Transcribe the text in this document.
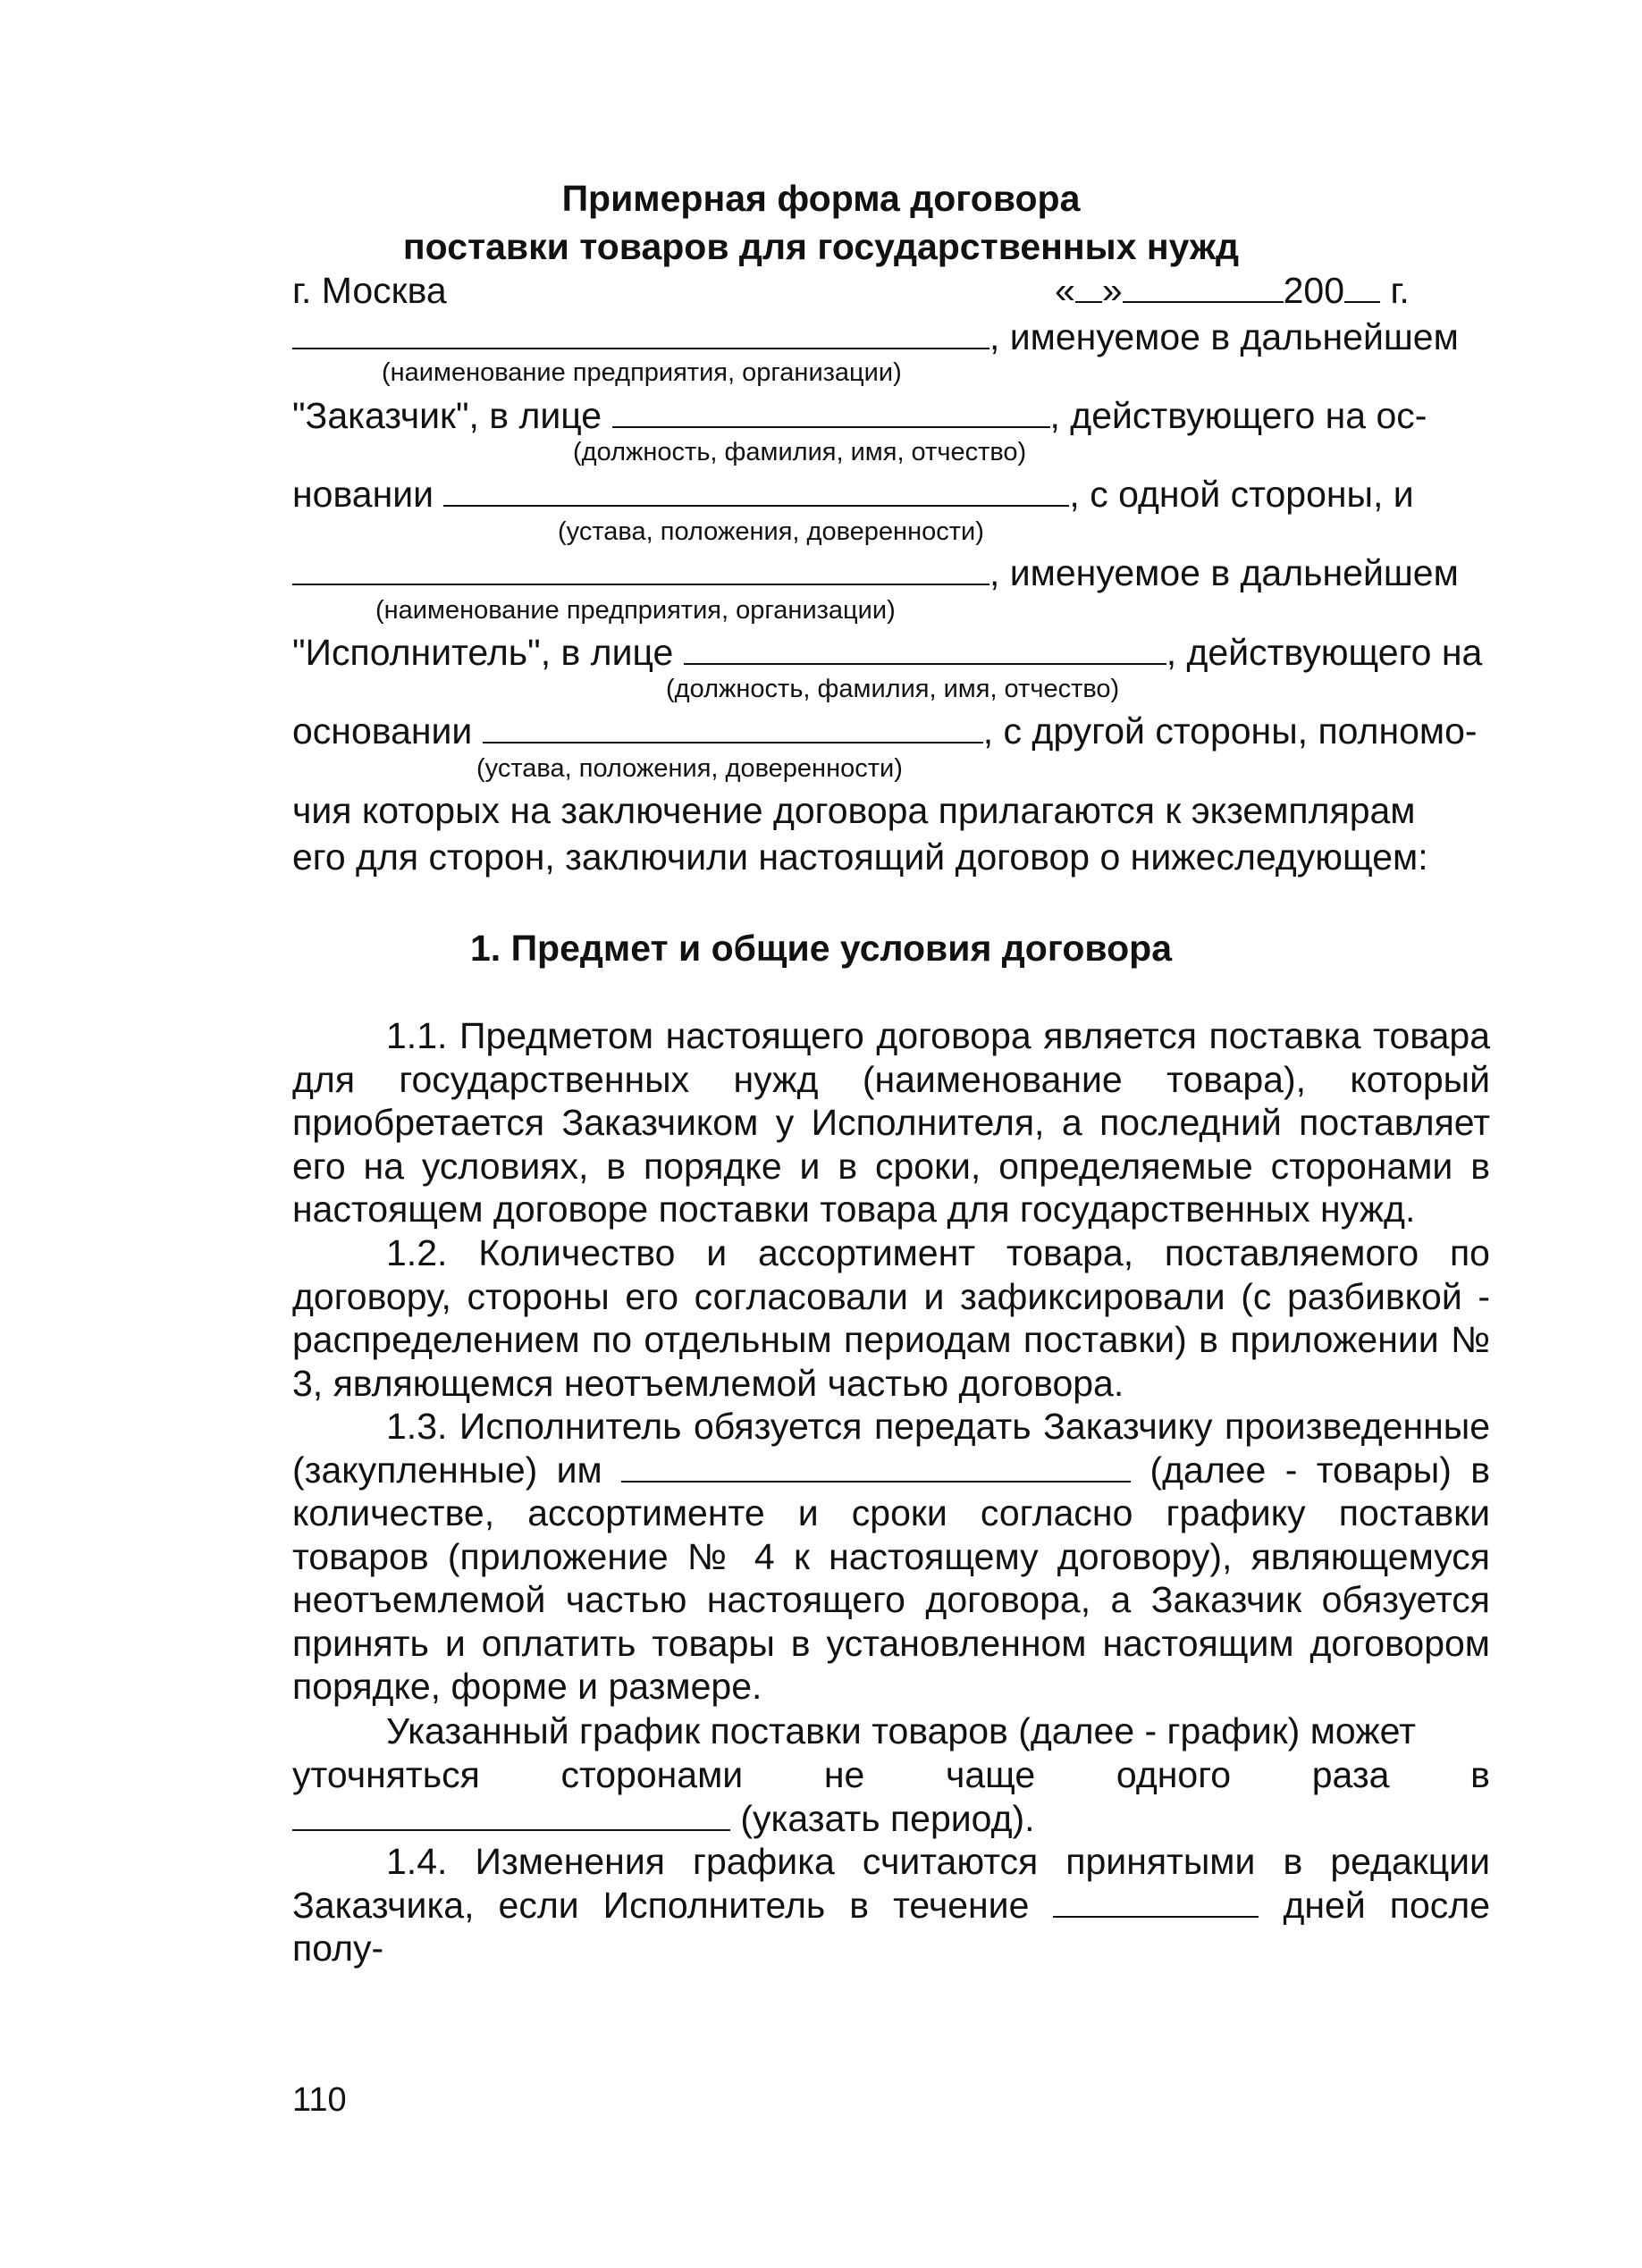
Примерная форма договора
поставки товаров для государственных нужд
г. Москва	« »	200 г.
, именуемое в дальнейшем
(наименование предприятия, организации)
"Заказчик", в лице	, действующего на ос-
(должность, фамилия, имя, отчество)
новании	, с одной стороны, и
(устава, положения, доверенности)
, именуемое в дальнейшем
(наименование предприятия, организации)
"Исполнитель", в лице	, действующего на
(должность, фамилия, имя, отчество)
основании	, с другой стороны, полномо-
(устава, положения, доверенности)
чия которых на заключение договора прилагаются к экземплярам
его для сторон, заключили настоящий договор о нижеследующем:
1. Предмет и общие условия договора
1.1. Предметом настоящего договора является поставка товара для государственных нужд (наименование товара), который приобретается Заказчиком у Исполнителя, а последний поставляет его на условиях, в порядке и в сроки, определяемые сторонами в настоящем договоре поставки товара для государственных нужд.
1.2. Количество и ассортимент товара, поставляемого по договору, стороны его согласовали и зафиксировали (с разбивкой - распределением по отдельным периодам поставки) в приложении № 3, являющемся неотъемлемой частью договора.
1.3. Исполнитель обязуется передать Заказчику произведенные (закупленные) им	(далее - товары) в количестве, ассортименте и сроки согласно графику поставки товаров (приложение № 4 к настоящему договору), являющемуся неотъемлемой частью настоящего договора, а Заказчик обязуется принять и оплатить товары в установленном настоящим договором порядке, форме и размере.
Указанный график поставки товаров (далее - график) может
уточняться сторонами не чаще одного раза в
(указать период).
1.4. Изменения графика считаются принятыми в редакции Заказчика, если Исполнитель в течение	дней после полу-
110
